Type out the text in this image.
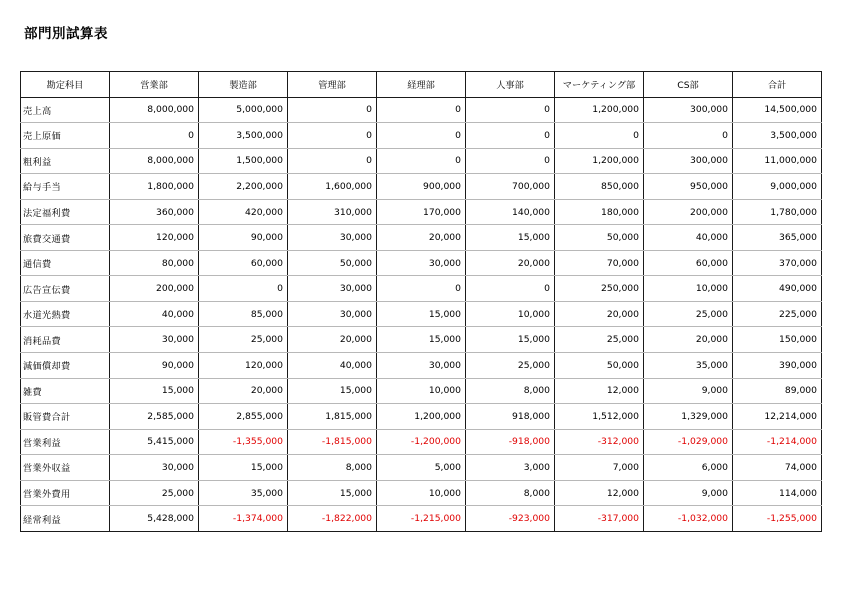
部門別試算表
勘定科目	営業部	製造部	管理部	経理部	人事部	マーケティング部	CS部	合計
売上高	8,000,000	5,000,000	0	0	0	1,200,000	300,000	14,500,000
売上原価	0	3,500,000	0	0	0	0	0	3,500,000
粗利益	8,000,000	1,500,000	0	0	0	1,200,000	300,000	11,000,000
給与手当	1,800,000	2,200,000	1,600,000	900,000	700,000	850,000	950,000	9,000,000
法定福利費	360,000	420,000	310,000	170,000	140,000	180,000	200,000	1,780,000
旅費交通費	120,000	90,000	30,000	20,000	15,000	50,000	40,000	365,000
通信費	80,000	60,000	50,000	30,000	20,000	70,000	60,000	370,000
広告宣伝費	200,000	0	30,000	0	0	250,000	10,000	490,000
水道光熱費	40,000	85,000	30,000	15,000	10,000	20,000	25,000	225,000
消耗品費	30,000	25,000	20,000	15,000	15,000	25,000	20,000	150,000
減価償却費	90,000	120,000	40,000	30,000	25,000	50,000	35,000	390,000
雑費	15,000	20,000	15,000	10,000	8,000	12,000	9,000	89,000
販管費合計	2,585,000	2,855,000	1,815,000	1,200,000	918,000	1,512,000	1,329,000	12,214,000
営業利益	5,415,000	-1,355,000	-1,815,000	-1,200,000	-918,000	-312,000	-1,029,000	-1,214,000
営業外収益	30,000	15,000	8,000	5,000	3,000	7,000	6,000	74,000
営業外費用	25,000	35,000	15,000	10,000	8,000	12,000	9,000	114,000
経常利益	5,428,000	-1,374,000	-1,822,000	-1,215,000	-923,000	-317,000	-1,032,000	-1,255,000
